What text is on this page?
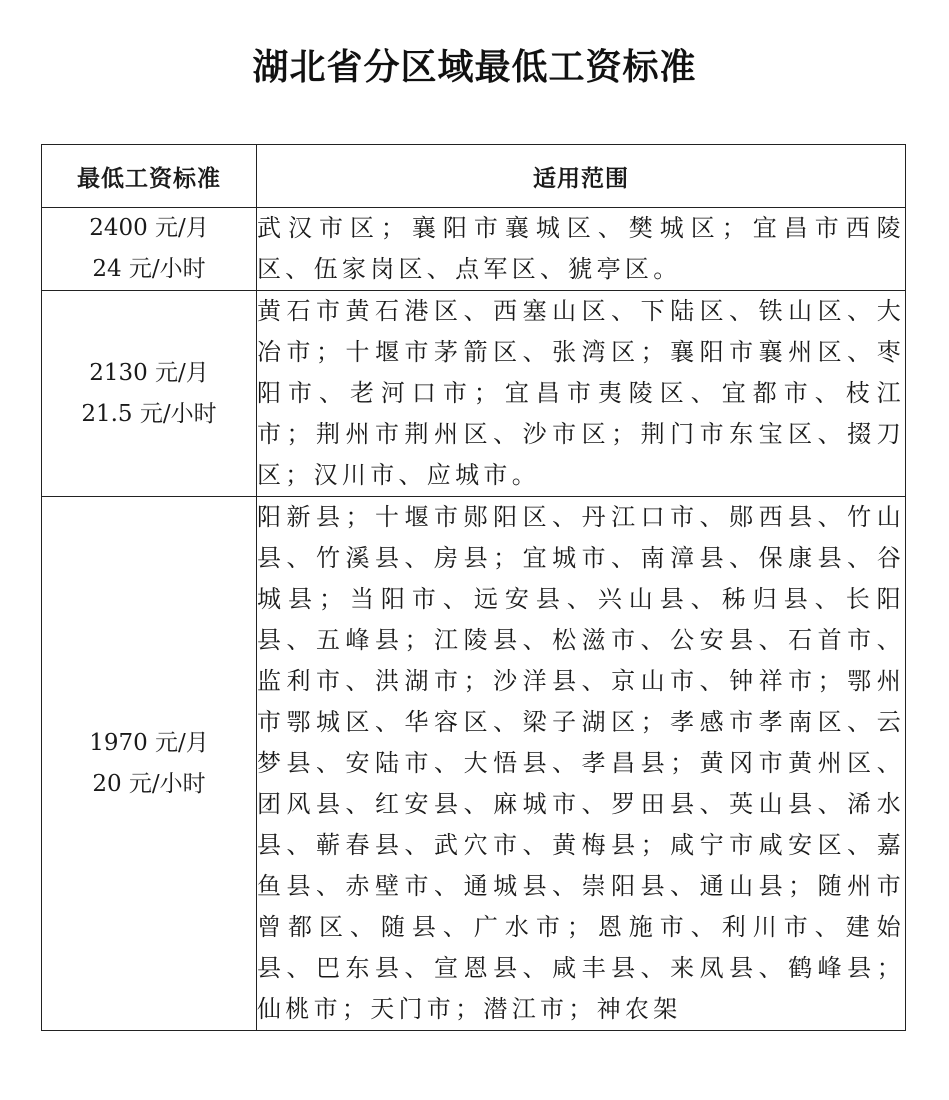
湖北省分区域最低工资标准
最低工资标准	适用范围

2400 元/月
24 元/小时	武汉市区；襄阳市襄城区、樊城区；宜昌市西陵区、伍家岗区、点军区、猇亭区。

2130 元/月
21.5 元/小时	黄石市黄石港区、西塞山区、下陆区、铁山区、大冶市；十堰市茅箭区、张湾区；襄阳市襄州区、枣阳市、老河口市；宜昌市夷陵区、宜都市、枝江市；荆州市荆州区、沙市区；荆门市东宝区、掇刀区；汉川市、应城市。

1970 元/月
20 元/小时	阳新县；十堰市郧阳区、丹江口市、郧西县、竹山县、竹溪县、房县；宜城市、南漳县、保康县、谷城县；当阳市、远安县、兴山县、秭归县、长阳县、五峰县；江陵县、松滋市、公安县、石首市、监利市、洪湖市；沙洋县、京山市、钟祥市；鄂州市鄂城区、华容区、梁子湖区；孝感市孝南区、云梦县、安陆市、大悟县、孝昌县；黄冈市黄州区、团风县、红安县、麻城市、罗田县、英山县、浠水县、蕲春县、武穴市、黄梅县；咸宁市咸安区、嘉鱼县、赤壁市、通城县、崇阳县、通山县；随州市曾都区、随县、广水市；恩施市、利川市、建始县、巴东县、宣恩县、咸丰县、来凤县、鹤峰县；仙桃市；天门市；潜江市；神农架
